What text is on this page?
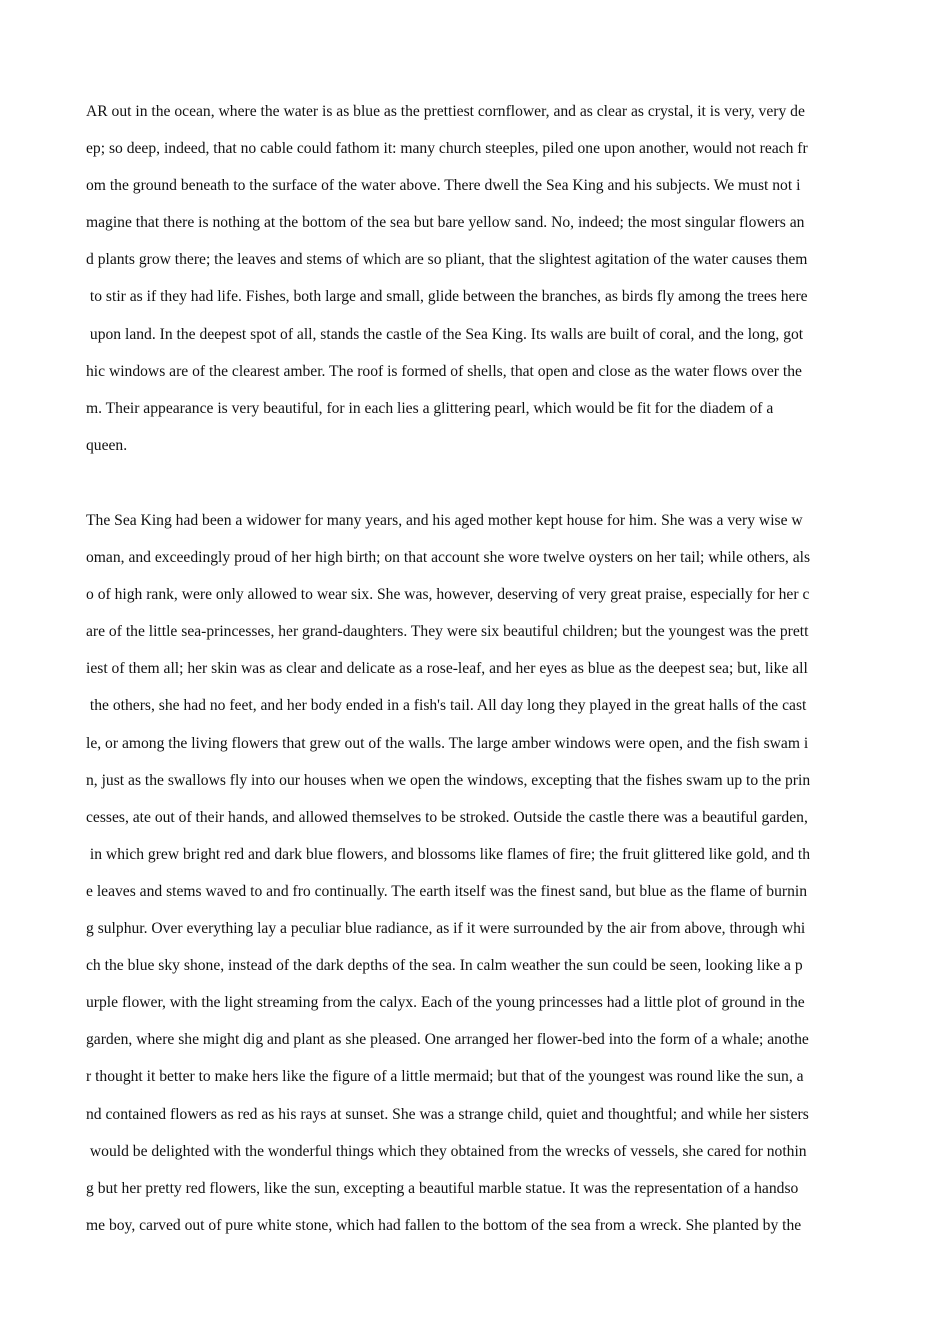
AR out in the ocean, where the water is as blue as the prettiest cornflower, and as clear as crystal, it is very, very de
ep; so deep, indeed, that no cable could fathom it: many church steeples, piled one upon another, would not reach fr
om the ground beneath to the surface of the water above. There dwell the Sea King and his subjects. We must not i
magine that there is nothing at the bottom of the sea but bare yellow sand. No, indeed; the most singular flowers an
d plants grow there; the leaves and stems of which are so pliant, that the slightest agitation of the water causes them
to stir as if they had life. Fishes, both large and small, glide between the branches, as birds fly among the trees here
upon land. In the deepest spot of all, stands the castle of the Sea King. Its walls are built of coral, and the long, got
hic windows are of the clearest amber. The roof is formed of shells, that open and close as the water flows over the
m. Their appearance is very beautiful, for in each lies a glittering pearl, which would be fit for the diadem of a
queen.
The Sea King had been a widower for many years, and his aged mother kept house for him. She was a very wise w
oman, and exceedingly proud of her high birth; on that account she wore twelve oysters on her tail; while others, als
o of high rank, were only allowed to wear six. She was, however, deserving of very great praise, especially for her c
are of the little sea-princesses, her grand-daughters. They were six beautiful children; but the youngest was the prett
iest of them all; her skin was as clear and delicate as a rose-leaf, and her eyes as blue as the deepest sea; but, like all
the others, she had no feet, and her body ended in a fish's tail. All day long they played in the great halls of the cast
le, or among the living flowers that grew out of the walls. The large amber windows were open, and the fish swam i
n, just as the swallows fly into our houses when we open the windows, excepting that the fishes swam up to the prin
cesses, ate out of their hands, and allowed themselves to be stroked. Outside the castle there was a beautiful garden,
in which grew bright red and dark blue flowers, and blossoms like flames of fire; the fruit glittered like gold, and th
e leaves and stems waved to and fro continually. The earth itself was the finest sand, but blue as the flame of burnin
g sulphur. Over everything lay a peculiar blue radiance, as if it were surrounded by the air from above, through whi
ch the blue sky shone, instead of the dark depths of the sea. In calm weather the sun could be seen, looking like a p
urple flower, with the light streaming from the calyx. Each of the young princesses had a little plot of ground in the
garden, where she might dig and plant as she pleased. One arranged her flower-bed into the form of a whale; anothe
r thought it better to make hers like the figure of a little mermaid; but that of the youngest was round like the sun, a
nd contained flowers as red as his rays at sunset. She was a strange child, quiet and thoughtful; and while her sisters
would be delighted with the wonderful things which they obtained from the wrecks of vessels, she cared for nothin
g but her pretty red flowers, like the sun, excepting a beautiful marble statue. It was the representation of a handso
me boy, carved out of pure white stone, which had fallen to the bottom of the sea from a wreck. She planted by the
